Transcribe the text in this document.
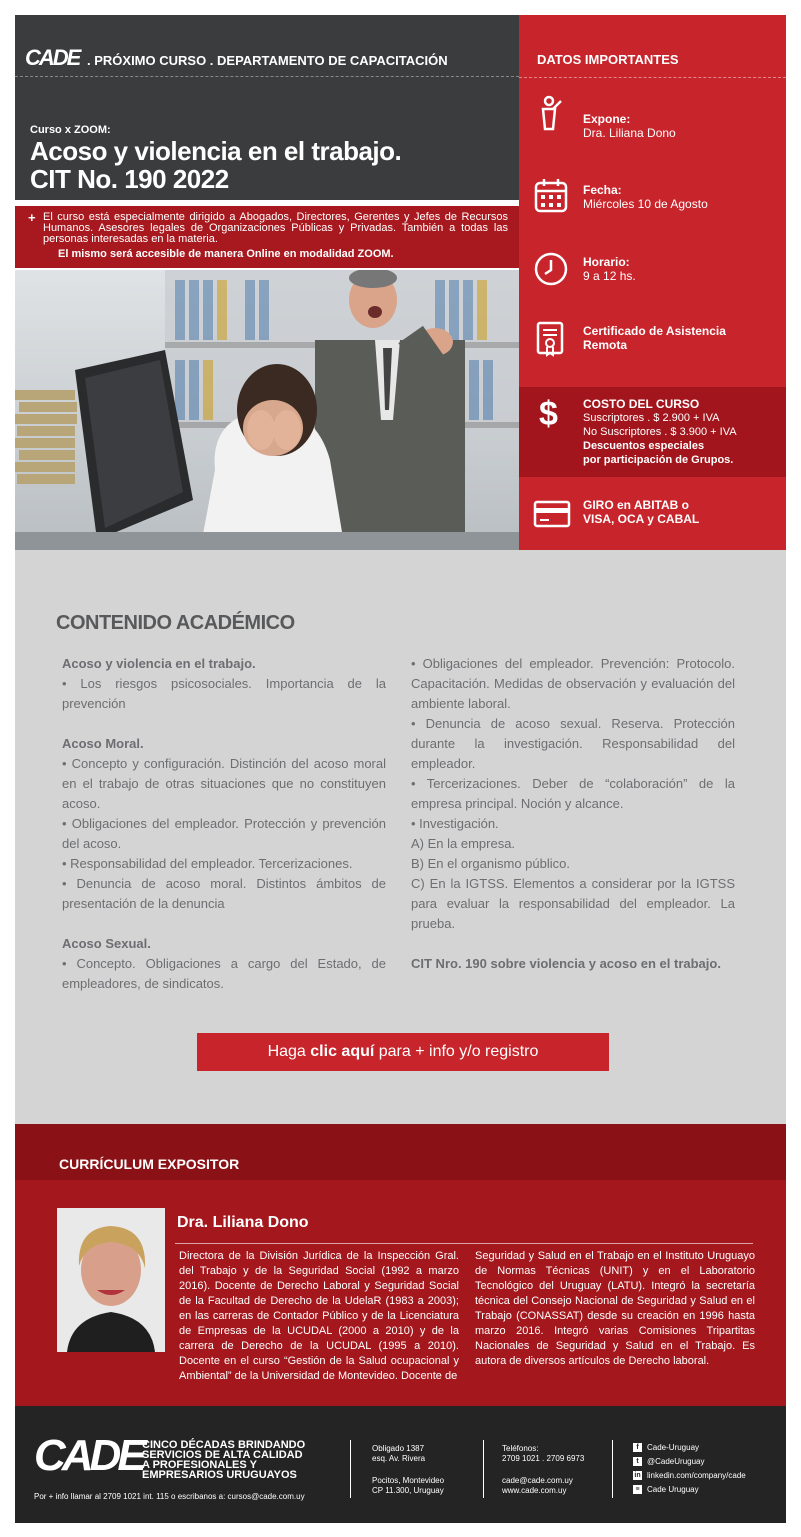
CADE . PRÓXIMO CURSO . DEPARTAMENTO DE CAPACITACIÓN
Curso x ZOOM:
Acoso y violencia en el trabajo.
CIT No. 190 2022
+ El curso está especialmente dirigido a Abogados, Directores, Gerentes y Jefes de Recursos Humanos. Asesores legales de Organizaciones Públicas y Privadas. También a todas las personas interesadas en la materia.
El mismo será accesible de manera Online en modalidad ZOOM.
DATOS IMPORTANTES
Expone:
Dra. Liliana Dono
Fecha:
Miércoles 10 de Agosto
Horario:
9 a 12 hs.
Certificado de Asistencia
Remota
$ COSTO DEL CURSO
Suscriptores . $ 2.900 + IVA
No Suscriptores . $ 3.900 + IVA
Descuentos especiales
por participación de Grupos.
GIRO en ABITAB o
VISA, OCA y CABAL
CONTENIDO ACADÉMICO

Acoso y violencia en el trabajo.

• Los riesgos psicosociales. Importancia de la prevención

Acoso Moral.

• Concepto y configuración. Distinción del acoso moral en el trabajo de otras situaciones que no constituyen acoso.

• Obligaciones del empleador. Protección y prevención del acoso.

• Responsabilidad del empleador. Tercerizaciones.

• Denuncia de acoso moral. Distintos ámbitos de presentación de la denuncia

Acoso Sexual.

• Concepto. Obligaciones a cargo del Estado, de empleadores, de sindicatos.

• Obligaciones del empleador. Prevención: Protocolo. Capacitación. Medidas de observación y evaluación del ambiente laboral.

• Denuncia de acoso sexual. Reserva. Protección durante la investigación. Responsabilidad del empleador.

• Tercerizaciones. Deber de “colaboración” de la empresa principal. Noción y alcance.

• Investigación.

A) En la empresa.

B) En el organismo público.

C) En la IGTSS. Elementos a considerar por la IGTSS para evaluar la responsabilidad del empleador. La prueba.

CIT Nro. 190 sobre violencia y acoso en el trabajo.

Haga clic aquí para + info y/o registro
CURRÍCULUM EXPOSITOR
Dra. Liliana Dono
Directora de la División Jurídica de la Inspección Gral. del Trabajo y de la Seguridad Social (1992 a marzo 2016). Docente de Derecho Laboral y Seguridad Social de la Facultad de Derecho de la UdelaR (1983 a 2003); en las carreras de Contador Público y de la Licenciatura de Empresas de la UCUDAL (2000 a 2010) y de la carrera de Derecho de la UCUDAL (1995 a 2010). Docente en el curso “Gestión de la Salud ocupacional y Ambiental” de la Universidad de Montevideo. Docente de
Seguridad y Salud en el Trabajo en el Instituto Uruguayo de Normas Técnicas (UNIT) y en el Laboratorio Tecnológico del Uruguay (LATU). Integró la secretaría técnica del Consejo Nacional de Seguridad y Salud en el Trabajo (CONASSAT) desde su creación en 1996 hasta marzo 2016. Integró varias Comisiones Tripartitas Nacionales de Seguridad y Salud en el Trabajo. Es autora de diversos artículos de Derecho laboral.
CADE CINCO DÉCADAS BRINDANDO
SERVICIOS DE ALTA CALIDAD
A PROFESIONALES Y
EMPRESARIOS URUGUAYOS
Por + info llamar al 2709 1021 int. 115 o escribanos a: cursos@cade.com.uy
Obligado 1387
esq. Av. Rivera
Pocitos, Montevideo
CP 11.300, Uruguay
Teléfonos:
2709 1021 . 2709 6973
cade@cade.com.uy
www.cade.com.uy
f Cade-Uruguay
t @CadeUruguay
in linkedin.com/company/cade
≡ Cade Uruguay
